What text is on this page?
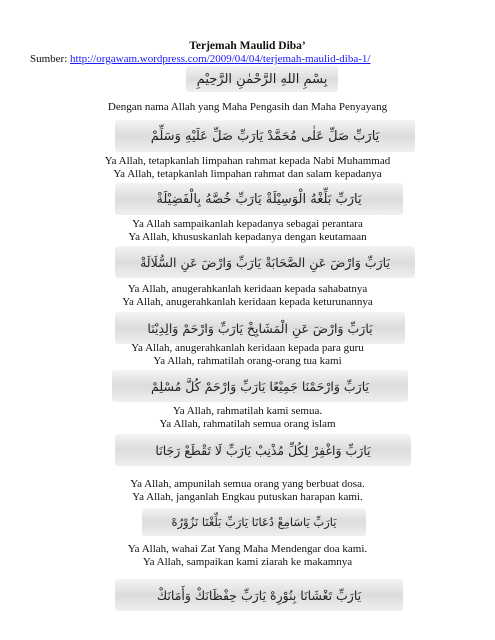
Terjemah Maulid Diba’
Sumber: http://orgawam.wordpress.com/2009/04/04/terjemah-maulid-diba-1/
بِسْمِ اللهِ الرَّحْمٰنِ الرَّحِيْمِ
Dengan nama Allah yang Maha Pengasih dan Maha Penyayang
يَارَبِّ صَلِّ عَلٰى مُحَمَّدْ يَارَبِّ صَلِّ عَلَيْهِ وَسَلِّمْ
Ya Allah, tetapkanlah limpahan rahmat kepada Nabi Muhammad
Ya Allah, tetapkanlah limpahan rahmat dan salam kepadanya
يَارَبِّ بَلِّغْهُ الْوَسِيْلَةْ يَارَبِّ خُصَّهُ بِالْفَضِيْلَةْ
Ya Allah sampaikanlah kepadanya sebagai perantara
Ya Allah, khususkanlah kepadanya dengan keutamaan
يَارَبِّ وَارْضَ عَنِ الصَّحَابَةْ يَارَبِّ وَارْضَ عَنِ السُّلَالَةْ
Ya Allah, anugerahkanlah keridaan kepada sahabatnya
Ya Allah, anugerahkanlah keridaan kepada keturunannya
يَارَبِّ وَارْضَ عَنِ الْمَشَايِخْ يَارَبِّ وَارْحَمْ وَالِدِيْنَا
Ya Allah, anugerahkanlah keridaan kepada para guru
Ya Allah, rahmatilah orang-orang tua kami
يَارَبِّ وَارْحَمْنَا جَمِيْعًا يَارَبِّ وَارْحَمْ كُلَّ مُسْلِمْ
Ya Allah, rahmatilah kami semua.
Ya Allah, rahmatilah semua orang islam
يَارَبِّ وَاغْفِرْ لِكُلِّ مُذْنِبْ يَارَبِّ لَا تَقْطَعْ رَجَانَا
Ya Allah, ampunilah semua orang yang berbuat dosa.
Ya Allah, janganlah Engkau putuskan harapan kami.
يَارَبِّ يَاسَامِعْ دُعَانَا يَارَبِّ بَلِّغْنَا نَزُوْرُهْ
Ya Allah, wahai Zat Yang Maha Mendengar doa kami.
Ya Allah, sampaikan kami ziarah ke makamnya
يَارَبِّ تَغْشَانَا بِنُوْرِهْ يَارَبِّ حِفْظَانَكْ وَأَمَانَكْ
